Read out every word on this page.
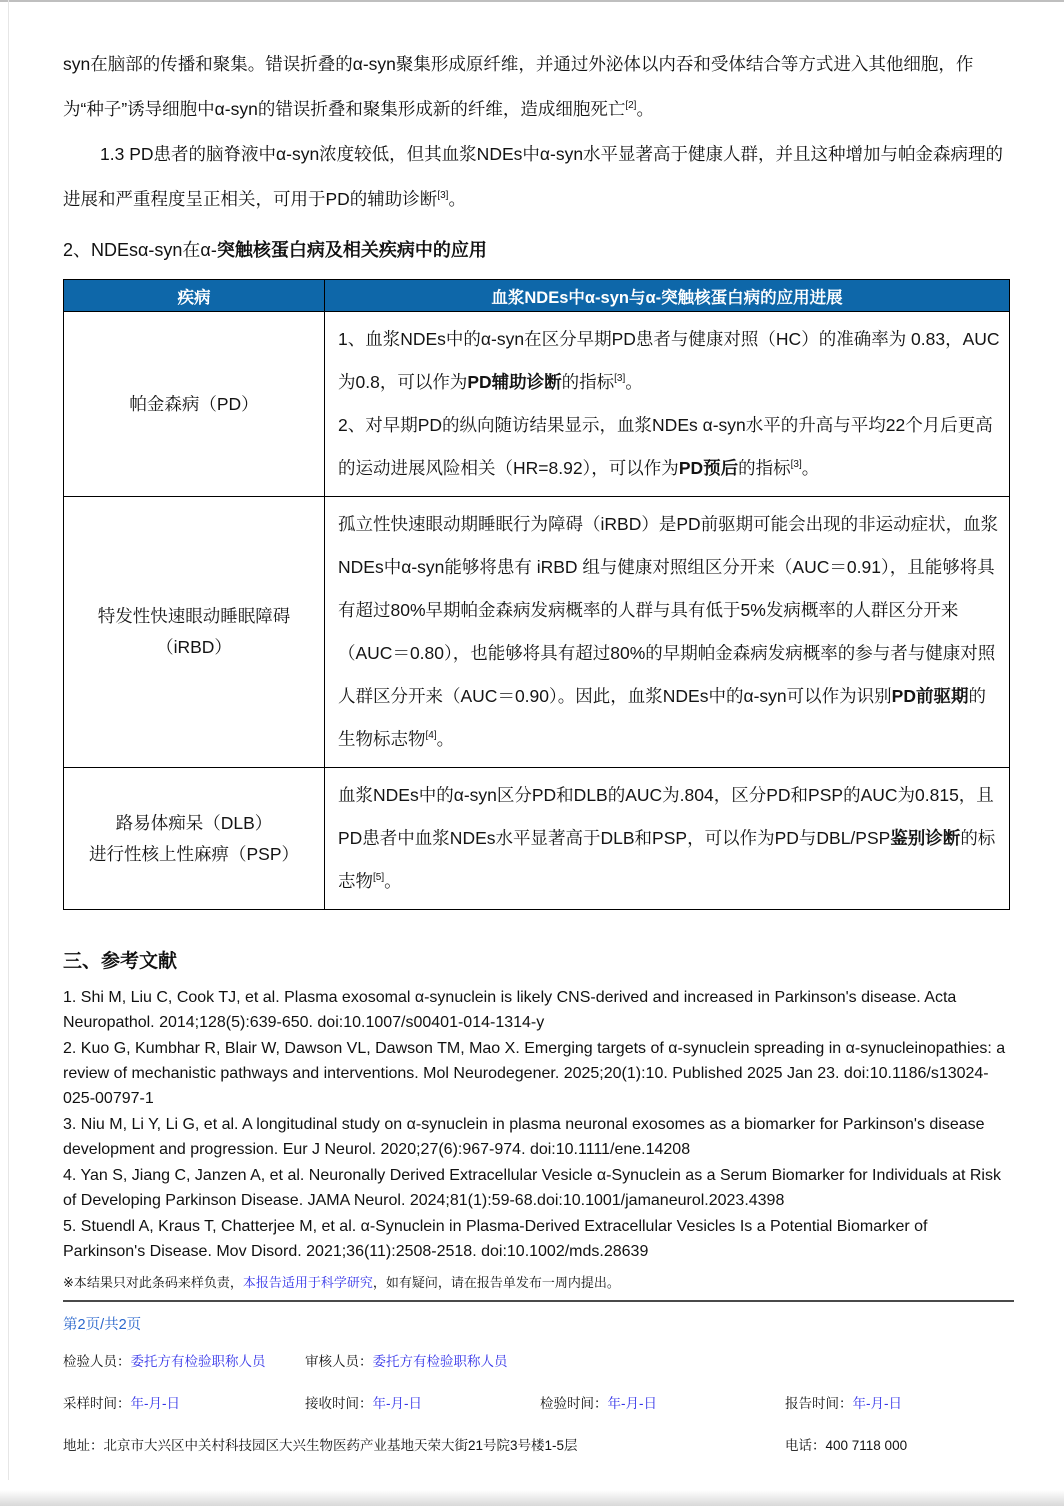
syn在脑部的传播和聚集。错误折叠的α-syn聚集形成原纤维，并通过外泌体以内吞和受体结合等方式进入其他细胞，作为“种子”诱导细胞中α-syn的错误折叠和聚集形成新的纤维，造成细胞死亡[2]。

1.3 PD患者的脑脊液中α-syn浓度较低，但其血浆NDEs中α-syn水平显著高于健康人群，并且这种增加与帕金森病理的进展和严重程度呈正相关，可用于PD的辅助诊断[3]。

2、NDEsα-syn在α-突触核蛋白病及相关疾病中的应用
疾病	血浆NDEs中α-syn与α-突触核蛋白病的应用进展
帕金森病（PD）	1、血浆NDEs中的α-syn在区分早期PD患者与健康对照（HC）的准确率为 0.83，AUC为0.8，可以作为PD辅助诊断的指标[3]。

2、对早期PD的纵向随访结果显示，血浆NDEs α-syn水平的升高与平均22个月后更高的运动进展风险相关（HR=8.92），可以作为PD预后的指标[3]。

特发性快速眼动睡眠障碍
（iRBD）	孤立性快速眼动期睡眠行为障碍（iRBD）是PD前驱期可能会出现的非运动症状，血浆NDEs中α-syn能够将患有 iRBD 组与健康对照组区分开来（AUC＝0.91），且能够将具有超过80%早期帕金森病发病概率的人群与具有低于5%发病概率的人群区分开来（AUC＝0.80），也能够将具有超过80%的早期帕金森病发病概率的参与者与健康对照人群区分开来（AUC＝0.90）。因此，血浆NDEs中的α-syn可以作为识别PD前驱期的生物标志物[4]。

路易体痴呆（DLB）
进行性核上性麻痹（PSP）	血浆NDEs中的α-syn区分PD和DLB的AUC为.804，区分PD和PSP的AUC为0.815，且PD患者中血浆NDEs水平显著高于DLB和PSP，可以作为PD与DBL/PSP鉴别诊断的标志物[5]。

三、参考文献

1. Shi M, Liu C, Cook TJ, et al. Plasma exosomal α-synuclein is likely CNS-derived and increased in Parkinson's disease. Acta Neuropathol. 2014;128(5):639-650. doi:10.1007/s00401-014-1314-y

2. Kuo G, Kumbhar R, Blair W, Dawson VL, Dawson TM, Mao X. Emerging targets of α-synuclein spreading in α-synucleinopathies: a review of mechanistic pathways and interventions. Mol Neurodegener. 2025;20(1):10. Published 2025 Jan 23. doi:10.1186/s13024-025-00797-1

3. Niu M, Li Y, Li G, et al. A longitudinal study on α-synuclein in plasma neuronal exosomes as a biomarker for Parkinson's disease development and progression. Eur J Neurol. 2020;27(6):967-974. doi:10.1111/ene.14208

4. Yan S, Jiang C, Janzen A, et al. Neuronally Derived Extracellular Vesicle α-Synuclein as a Serum Biomarker for Individuals at Risk of Developing Parkinson Disease. JAMA Neurol. 2024;81(1):59-68.doi:10.1001/jamaneurol.2023.4398

5. Stuendl A, Kraus T, Chatterjee M, et al. α-Synuclein in Plasma-Derived Extracellular Vesicles Is a Potential Biomarker of Parkinson's Disease. Mov Disord. 2021;36(11):2508-2518. doi:10.1002/mds.28639

※本结果只对此条码来样负责，本报告适用于科学研究，如有疑问，请在报告单发布一周内提出。

第2页/共2页

检验人员：委托方有检验职称人员	审核人员：委托方有检验职称人员
采样时间：年-月-日	接收时间：年-月-日	检验时间：年-月-日	报告时间：年-月-日
地址：北京市大兴区中关村科技园区大兴生物医药产业基地天荣大街21号院3号楼1-5层	电话：400 7118 000
